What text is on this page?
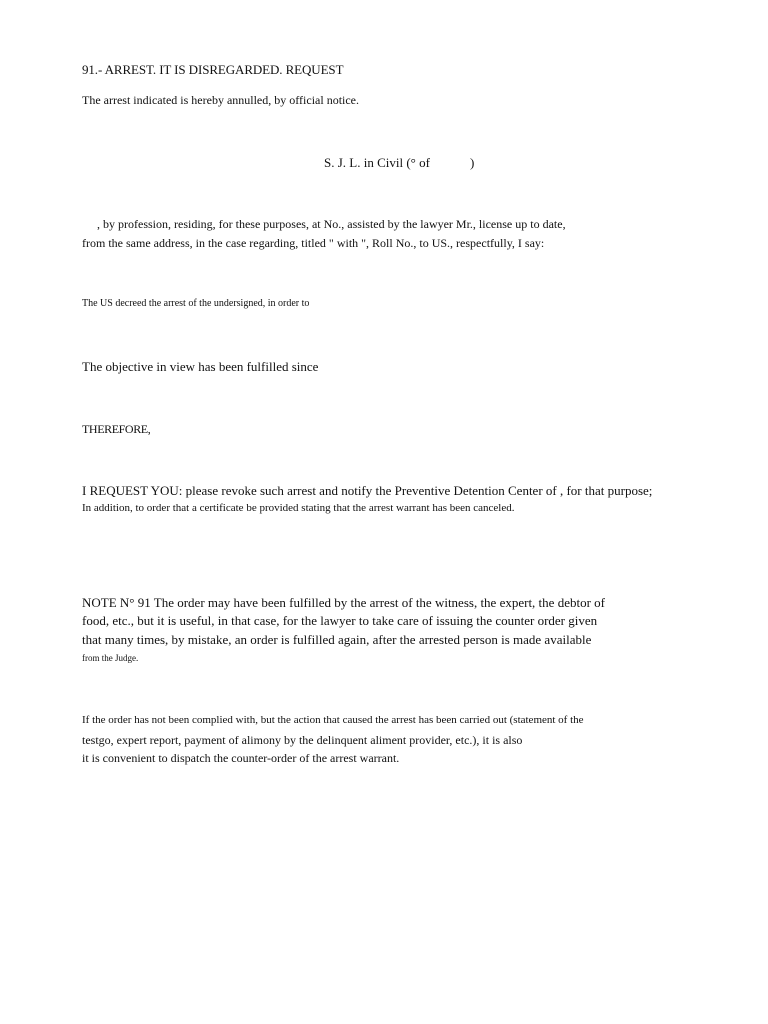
91.- ARREST. IT IS DISREGARDED. REQUEST
The arrest indicated is hereby annulled, by official notice.
S. J. L. in Civil (° of	)
, by profession, residing, for these purposes, at No., assisted by the lawyer Mr., license up to date,
from the same address, in the case regarding, titled " with ", Roll No., to US., respectfully, I say:
The US decreed the arrest of the undersigned, in order to
The objective in view has been fulfilled since
THEREFORE,
I REQUEST YOU: please revoke such arrest and notify the Preventive Detention Center of , for that purpose;
In addition, to order that a certificate be provided stating that the arrest warrant has been canceled.
NOTE N° 91 The order may have been fulfilled by the arrest of the witness, the expert, the debtor of
food, etc., but it is useful, in that case, for the lawyer to take care of issuing the counter order given
that many times, by mistake, an order is fulfilled again, after the arrested person is made available
from the Judge.
If the order has not been complied with, but the action that caused the arrest has been carried out (statement of the
testgo, expert report, payment of alimony by the delinquent aliment provider, etc.), it is also
it is convenient to dispatch the counter-order of the arrest warrant.
